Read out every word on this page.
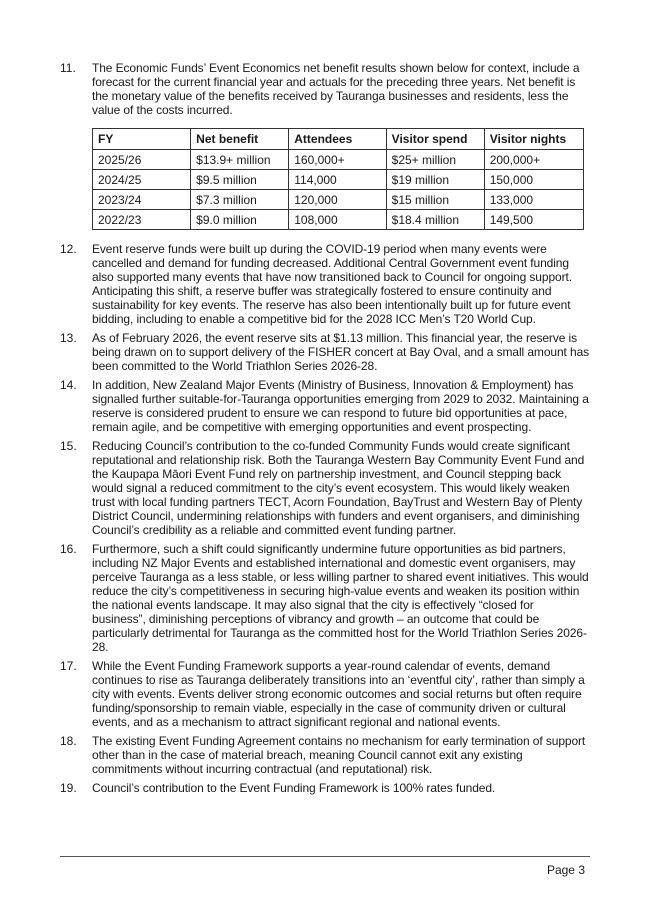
11.	The Economic Funds’ Event Economics net benefit results shown below for context, include a forecast for the current financial year and actuals for the preceding three years. Net benefit is the monetary value of the benefits received by Tauranga businesses and residents, less the value of the costs incurred.
FY	Net benefit	Attendees	Visitor spend	Visitor nights
2025/26	$13.9+ million	160,000+	$25+ million	200,000+
2024/25	$9.5 million	114,000	$19 million	150,000
2023/24	$7.3 million	120,000	$15 million	133,000
2022/23	$9.0 million	108,000	$18.4 million	149,500
12.	Event reserve funds were built up during the COVID-19 period when many events were cancelled and demand for funding decreased. Additional Central Government event funding also supported many events that have now transitioned back to Council for ongoing support. Anticipating this shift, a reserve buffer was strategically fostered to ensure continuity and sustainability for key events. The reserve has also been intentionally built up for future event bidding, including to enable a competitive bid for the 2028 ICC Men’s T20 World Cup.
13.	As of February 2026, the event reserve sits at $1.13 million. This financial year, the reserve is being drawn on to support delivery of the FISHER concert at Bay Oval, and a small amount has been committed to the World Triathlon Series 2026-28.
14.	In addition, New Zealand Major Events (Ministry of Business, Innovation & Employment) has signalled further suitable-for-Tauranga opportunities emerging from 2029 to 2032. Maintaining a reserve is considered prudent to ensure we can respond to future bid opportunities at pace, remain agile, and be competitive with emerging opportunities and event prospecting.
15.	Reducing Council’s contribution to the co-funded Community Funds would create significant reputational and relationship risk. Both the Tauranga Western Bay Community Event Fund and the Kaupapa Māori Event Fund rely on partnership investment, and Council stepping back would signal a reduced commitment to the city’s event ecosystem. This would likely weaken trust with local funding partners TECT, Acorn Foundation, BayTrust and Western Bay of Plenty District Council, undermining relationships with funders and event organisers, and diminishing Council’s credibility as a reliable and committed event funding partner.
16.	Furthermore, such a shift could significantly undermine future opportunities as bid partners, including NZ Major Events and established international and domestic event organisers, may perceive Tauranga as a less stable, or less willing partner to shared event initiatives. This would reduce the city’s competitiveness in securing high-value events and weaken its position within the national events landscape. It may also signal that the city is effectively “closed for business”, diminishing perceptions of vibrancy and growth – an outcome that could be particularly detrimental for Tauranga as the committed host for the World Triathlon Series 2026-28.
17.	While the Event Funding Framework supports a year-round calendar of events, demand continues to rise as Tauranga deliberately transitions into an ‘eventful city’, rather than simply a city with events. Events deliver strong economic outcomes and social returns but often require funding/sponsorship to remain viable, especially in the case of community driven or cultural events, and as a mechanism to attract significant regional and national events.
18.	The existing Event Funding Agreement contains no mechanism for early termination of support other than in the case of material breach, meaning Council cannot exit any existing commitments without incurring contractual (and reputational) risk.
19.	Council’s contribution to the Event Funding Framework is 100% rates funded.
Page 3
